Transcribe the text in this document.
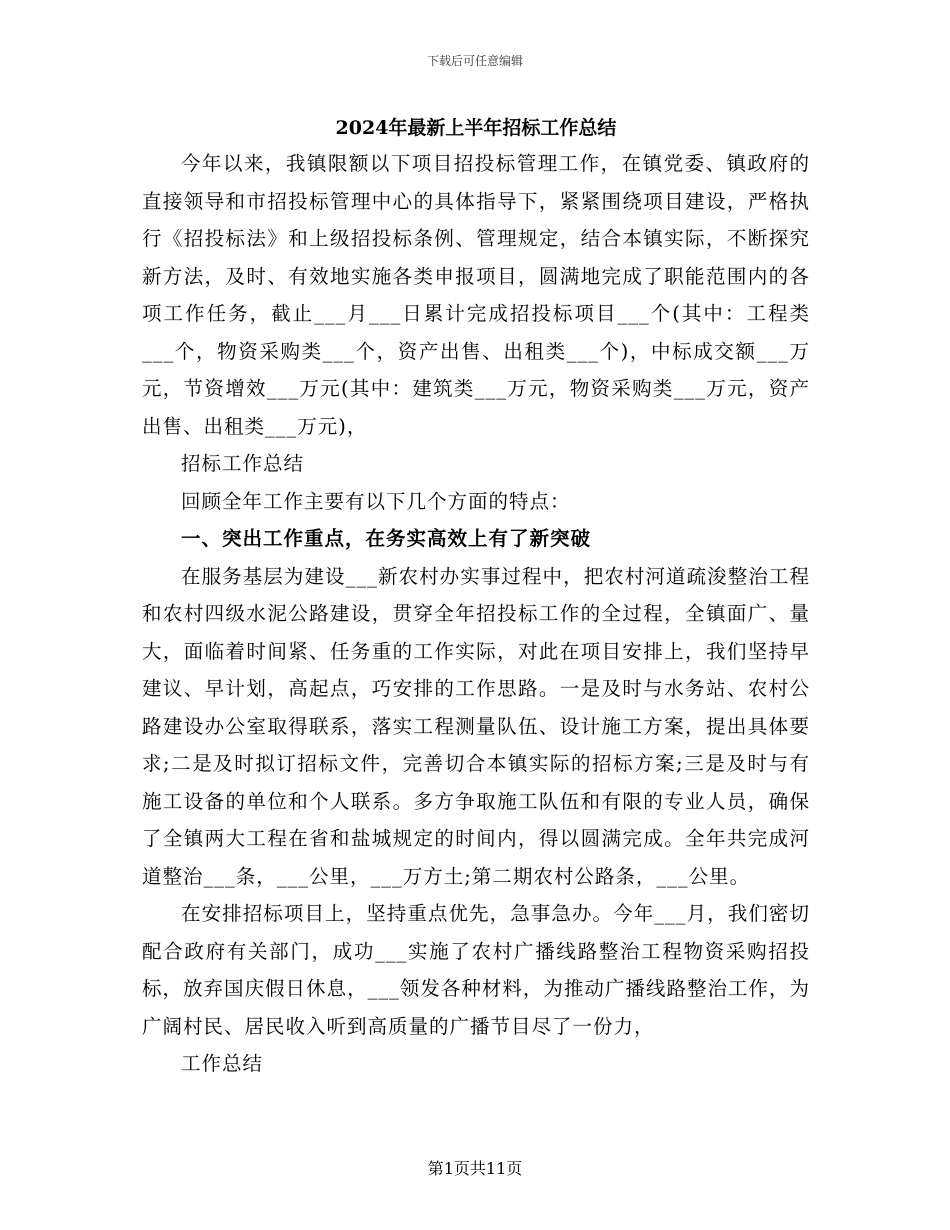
下载后可任意编辑
2024年最新上半年招标工作总结

今年以来，我镇限额以下项目招投标管理工作，在镇党委、镇政府的直接领导和市招投标管理中心的具体指导下，紧紧围绕项目建设，严格执行《招投标法》和上级招投标条例、管理规定，结合本镇实际，不断探究新方法，及时、有效地实施各类申报项目，圆满地完成了职能范围内的各项工作任务，截止___月___日累计完成招投标项目___个(其中：工程类___个，物资采购类___个，资产出售、出租类___个)，中标成交额___万元，节资增效___万元(其中：建筑类___万元，物资采购类___万元，资产出售、出租类___万元)，

招标工作总结

回顾全年工作主要有以下几个方面的特点：

一、突出工作重点，在务实高效上有了新突破

在服务基层为建设___新农村办实事过程中，把农村河道疏浚整治工程和农村四级水泥公路建设，贯穿全年招投标工作的全过程，全镇面广、量大，面临着时间紧、任务重的工作实际，对此在项目安排上，我们坚持早建议、早计划，高起点，巧安排的工作思路。一是及时与水务站、农村公路建设办公室取得联系，落实工程测量队伍、设计施工方案，提出具体要求;二是及时拟订招标文件，完善切合本镇实际的招标方案;三是及时与有施工设备的单位和个人联系。多方争取施工队伍和有限的专业人员，确保了全镇两大工程在省和盐城规定的时间内，得以圆满完成。全年共完成河道整治___条，___公里，___万方土;第二期农村公路条，___公里。

在安排招标项目上，坚持重点优先，急事急办。今年___月，我们密切配合政府有关部门，成功___实施了农村广播线路整治工程物资采购招投标，放弃国庆假日休息，___领发各种材料，为推动广播线路整治工作，为广阔村民、居民收入听到高质量的广播节目尽了一份力，

工作总结

第1页共11页
